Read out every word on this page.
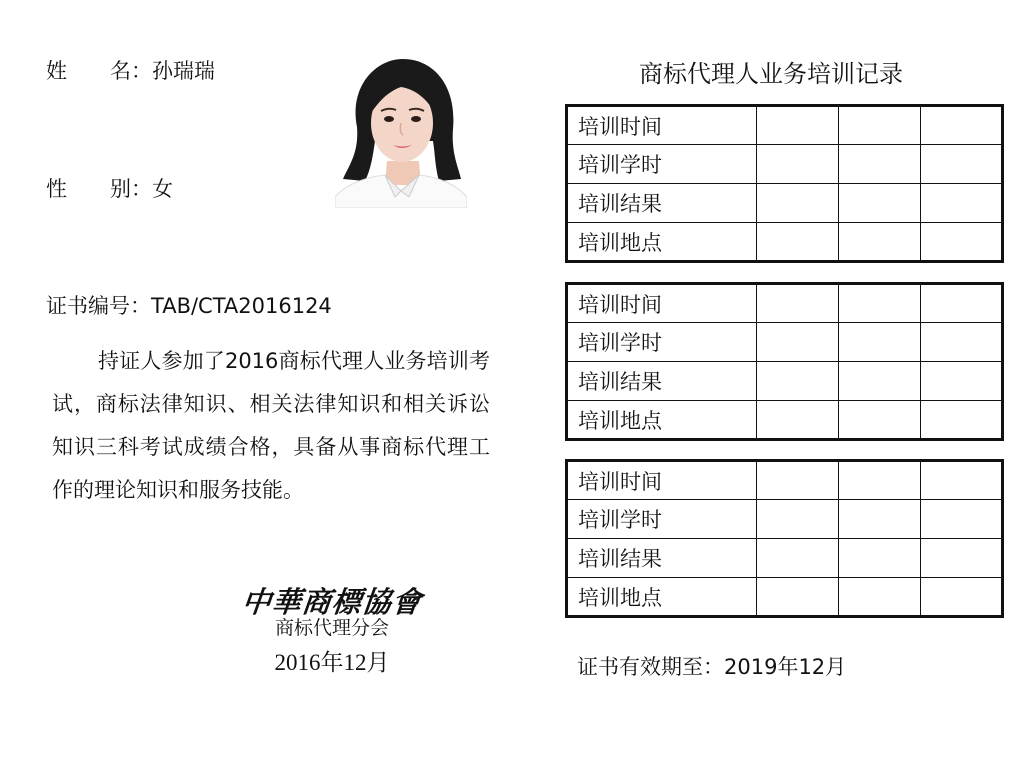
姓	名： 孙瑞瑞
性	别： 女
证书编号：TAB/CTA2016124
持证人参加了2016商标代理人业务培训考试，商标法律知识、相关法律知识和相关诉讼知识三科考试成绩合格，具备从事商标代理工作的理论知识和服务技能。
中華商標協會
商标代理分会
2016年12月
商标代理人业务培训记录
培训时间			
培训学时			
培训结果			
培训地点			
培训时间			
培训学时			
培训结果			
培训地点			
培训时间			
培训学时			
培训结果			
培训地点			
证书有效期至：2019年12月
